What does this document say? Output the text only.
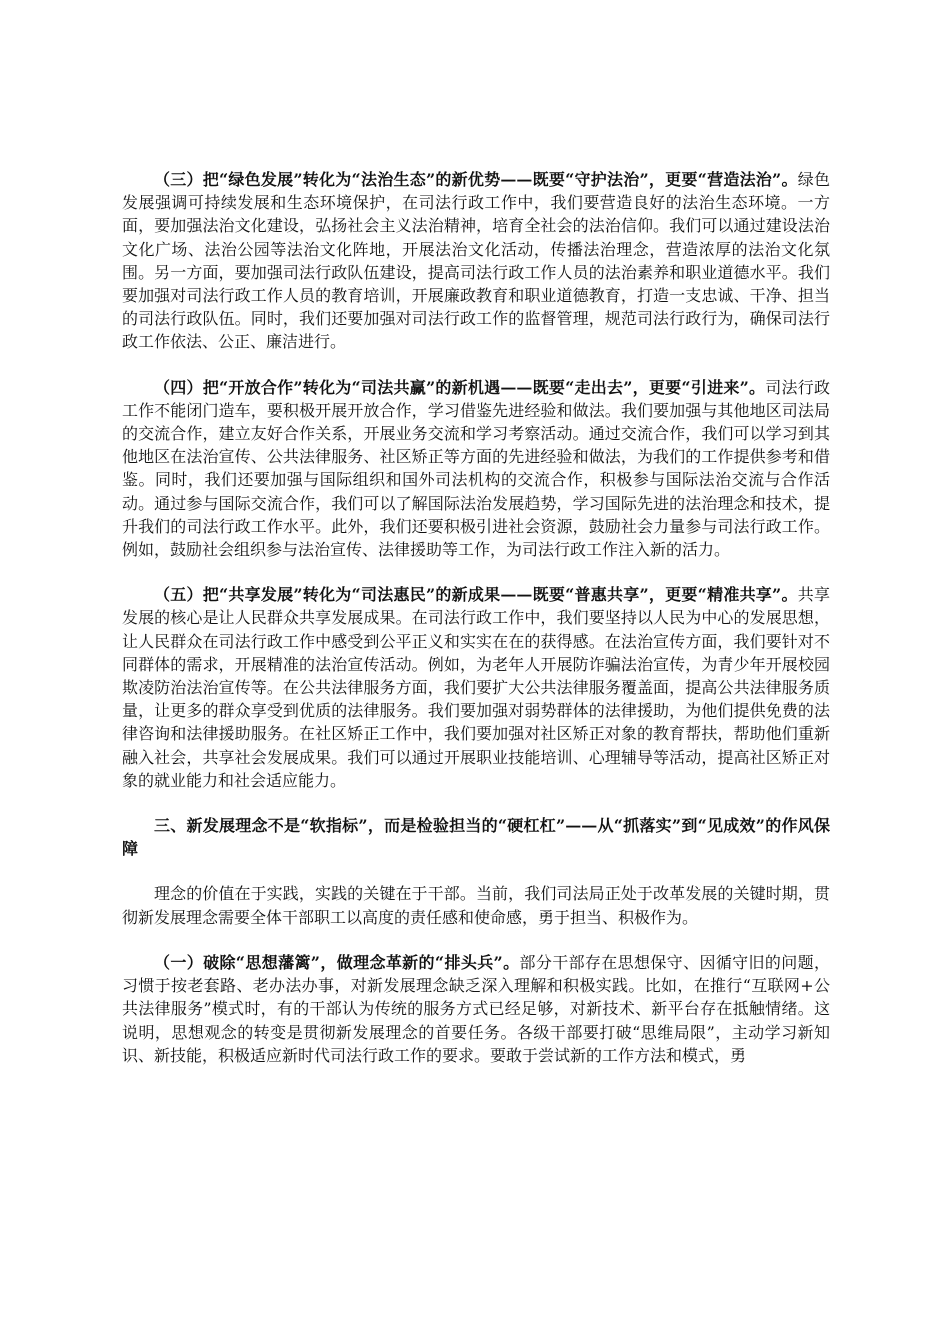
（三）把“绿色发展”转化为“法治生态”的新优势——既要“守护法治”，更要“营造法治”。绿色发展强调可持续发展和生态环境保护，在司法行政工作中，我们要营造良好的法治生态环境。一方面，要加强法治文化建设，弘扬社会主义法治精神，培育全社会的法治信仰。我们可以通过建设法治文化广场、法治公园等法治文化阵地，开展法治文化活动，传播法治理念，营造浓厚的法治文化氛围。另一方面，要加强司法行政队伍建设，提高司法行政工作人员的法治素养和职业道德水平。我们要加强对司法行政工作人员的教育培训，开展廉政教育和职业道德教育，打造一支忠诚、干净、担当的司法行政队伍。同时，我们还要加强对司法行政工作的监督管理，规范司法行政行为，确保司法行政工作依法、公正、廉洁进行。

（四）把“开放合作”转化为“司法共赢”的新机遇——既要“走出去”，更要“引进来”。司法行政工作不能闭门造车，要积极开展开放合作，学习借鉴先进经验和做法。我们要加强与其他地区司法局的交流合作，建立友好合作关系，开展业务交流和学习考察活动。通过交流合作，我们可以学习到其他地区在法治宣传、公共法律服务、社区矫正等方面的先进经验和做法，为我们的工作提供参考和借鉴。同时，我们还要加强与国际组织和国外司法机构的交流合作，积极参与国际法治交流与合作活动。通过参与国际交流合作，我们可以了解国际法治发展趋势，学习国际先进的法治理念和技术，提升我们的司法行政工作水平。此外，我们还要积极引进社会资源，鼓励社会力量参与司法行政工作。例如，鼓励社会组织参与法治宣传、法律援助等工作，为司法行政工作注入新的活力。

（五）把“共享发展”转化为“司法惠民”的新成果——既要“普惠共享”，更要“精准共享”。共享发展的核心是让人民群众共享发展成果。在司法行政工作中，我们要坚持以人民为中心的发展思想，让人民群众在司法行政工作中感受到公平正义和实实在在的获得感。在法治宣传方面，我们要针对不同群体的需求，开展精准的法治宣传活动。例如，为老年人开展防诈骗法治宣传，为青少年开展校园欺凌防治法治宣传等。在公共法律服务方面，我们要扩大公共法律服务覆盖面，提高公共法律服务质量，让更多的群众享受到优质的法律服务。我们要加强对弱势群体的法律援助，为他们提供免费的法律咨询和法律援助服务。在社区矫正工作中，我们要加强对社区矫正对象的教育帮扶，帮助他们重新融入社会，共享社会发展成果。我们可以通过开展职业技能培训、心理辅导等活动，提高社区矫正对象的就业能力和社会适应能力。

三、新发展理念不是“软指标”，而是检验担当的“硬杠杠”——从“抓落实”到“见成效”的作风保障

理念的价值在于实践，实践的关键在于干部。当前，我们司法局正处于改革发展的关键时期，贯彻新发展理念需要全体干部职工以高度的责任感和使命感，勇于担当、积极作为。

（一）破除“思想藩篱”，做理念革新的“排头兵”。部分干部存在思想保守、因循守旧的问题，习惯于按老套路、老办法办事，对新发展理念缺乏深入理解和积极实践。比如，在推行“互联网+公共法律服务”模式时，有的干部认为传统的服务方式已经足够，对新技术、新平台存在抵触情绪。这说明，思想观念的转变是贯彻新发展理念的首要任务。各级干部要打破“思维局限”，主动学习新知识、新技能，积极适应新时代司法行政工作的要求。要敢于尝试新的工作方法和模式，勇
